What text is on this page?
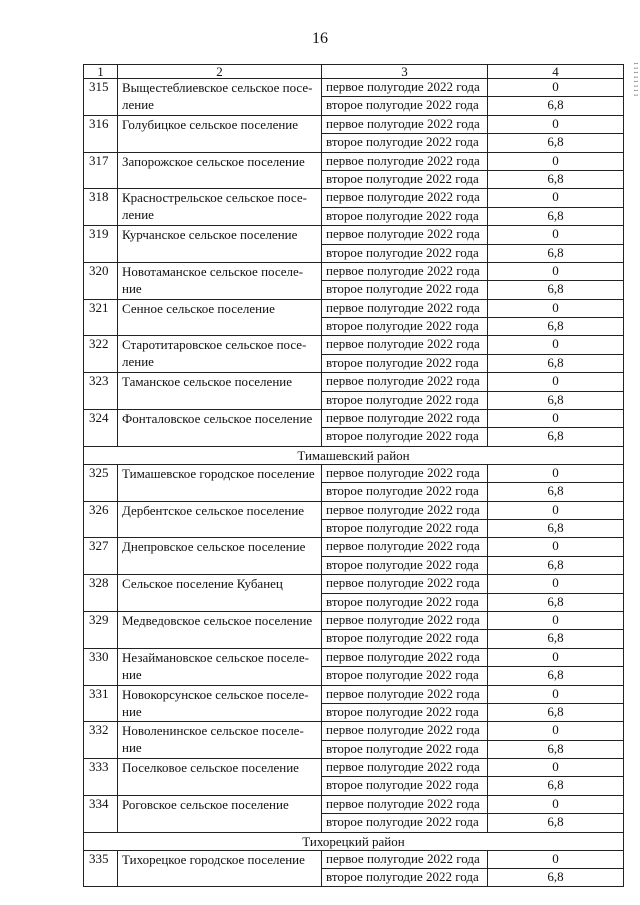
16
1 1 1 1 1 1 1 1
1	2	3	4
315	Выщестеблиевское сельское посе- ление	первое полугодие 2022 года	0
		второе полугодие 2022 года	6,8
316	Голубицкое сельское поселение	первое полугодие 2022 года	0
		второе полугодие 2022 года	6,8
317	Запорожское сельское поселение	первое полугодие 2022 года	0
		второе полугодие 2022 года	6,8
318	Краснострельское сельское посе- ление	первое полугодие 2022 года	0
		второе полугодие 2022 года	6,8
319	Курчанское сельское поселение	первое полугодие 2022 года	0
		второе полугодие 2022 года	6,8
320	Новотаманское сельское поселе- ние	первое полугодие 2022 года	0
		второе полугодие 2022 года	6,8
321	Сенное сельское поселение	первое полугодие 2022 года	0
		второе полугодие 2022 года	6,8
322	Старотитаровское сельское посе- ление	первое полугодие 2022 года	0
		второе полугодие 2022 года	6,8
323	Таманское сельское поселение	первое полугодие 2022 года	0
		второе полугодие 2022 года	6,8
324	Фонталовское сельское поселение	первое полугодие 2022 года	0
		второе полугодие 2022 года	6,8
Тимашевский район			
325	Тимашевское городское поселение	первое полугодие 2022 года	0
		второе полугодие 2022 года	6,8
326	Дербентское сельское поселение	первое полугодие 2022 года	0
		второе полугодие 2022 года	6,8
327	Днепровское сельское поселение	первое полугодие 2022 года	0
		второе полугодие 2022 года	6,8
328	Сельское поселение Кубанец	первое полугодие 2022 года	0
		второе полугодие 2022 года	6,8
329	Медведовское сельское поселение	первое полугодие 2022 года	0
		второе полугодие 2022 года	6,8
330	Незаймановское сельское поселе- ние	первое полугодие 2022 года	0
		второе полугодие 2022 года	6,8
331	Новокорсунское сельское поселе- ние	первое полугодие 2022 года	0
		второе полугодие 2022 года	6,8
332	Новоленинское сельское поселе- ние	первое полугодие 2022 года	0
		второе полугодие 2022 года	6,8
333	Поселковое сельское поселение	первое полугодие 2022 года	0
		второе полугодие 2022 года	6,8
334	Роговское сельское поселение	первое полугодие 2022 года	0
		второе полугодие 2022 года	6,8
Тихорецкий район			
335	Тихорецкое городское поселение	первое полугодие 2022 года	0
		второе полугодие 2022 года	6,8
